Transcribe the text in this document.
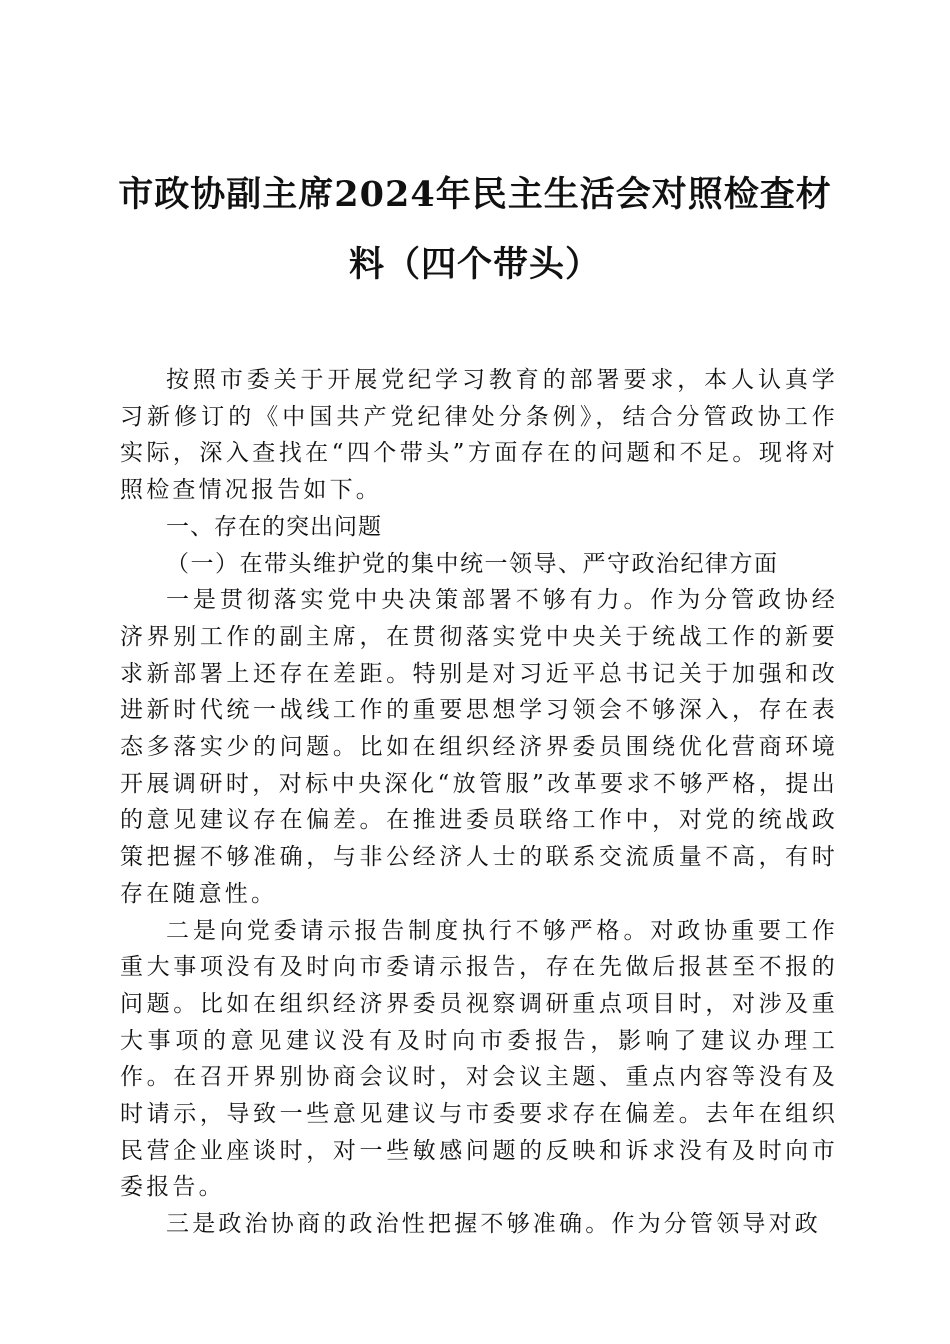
市政协副主席2024年民主生活会对照检查材
料（四个带头）

按照市委关于开展党纪学习教育的部署要求，本人认真学习新修订的《中国共产党纪律处分条例》，结合分管政协工作实际，深入查找在“四个带头”方面存在的问题和不足。现将对照检查情况报告如下。

一、存在的突出问题

（一）在带头维护党的集中统一领导、严守政治纪律方面

一是贯彻落实党中央决策部署不够有力。作为分管政协经济界别工作的副主席，在贯彻落实党中央关于统战工作的新要求新部署上还存在差距。特别是对习近平总书记关于加强和改进新时代统一战线工作的重要思想学习领会不够深入，存在表态多落实少的问题。比如在组织经济界委员围绕优化营商环境开展调研时，对标中央深化“放管服”改革要求不够严格，提出的意见建议存在偏差。在推进委员联络工作中，对党的统战政策把握不够准确，与非公经济人士的联系交流质量不高，有时存在随意性。

二是向党委请示报告制度执行不够严格。对政协重要工作重大事项没有及时向市委请示报告，存在先做后报甚至不报的问题。比如在组织经济界委员视察调研重点项目时，对涉及重大事项的意见建议没有及时向市委报告，影响了建议办理工作。在召开界别协商会议时，对会议主题、重点内容等没有及时请示，导致一些意见建议与市委要求存在偏差。去年在组织民营企业座谈时，对一些敏感问题的反映和诉求没有及时向市委报告。

三是政治协商的政治性把握不够准确。作为分管领导对政
